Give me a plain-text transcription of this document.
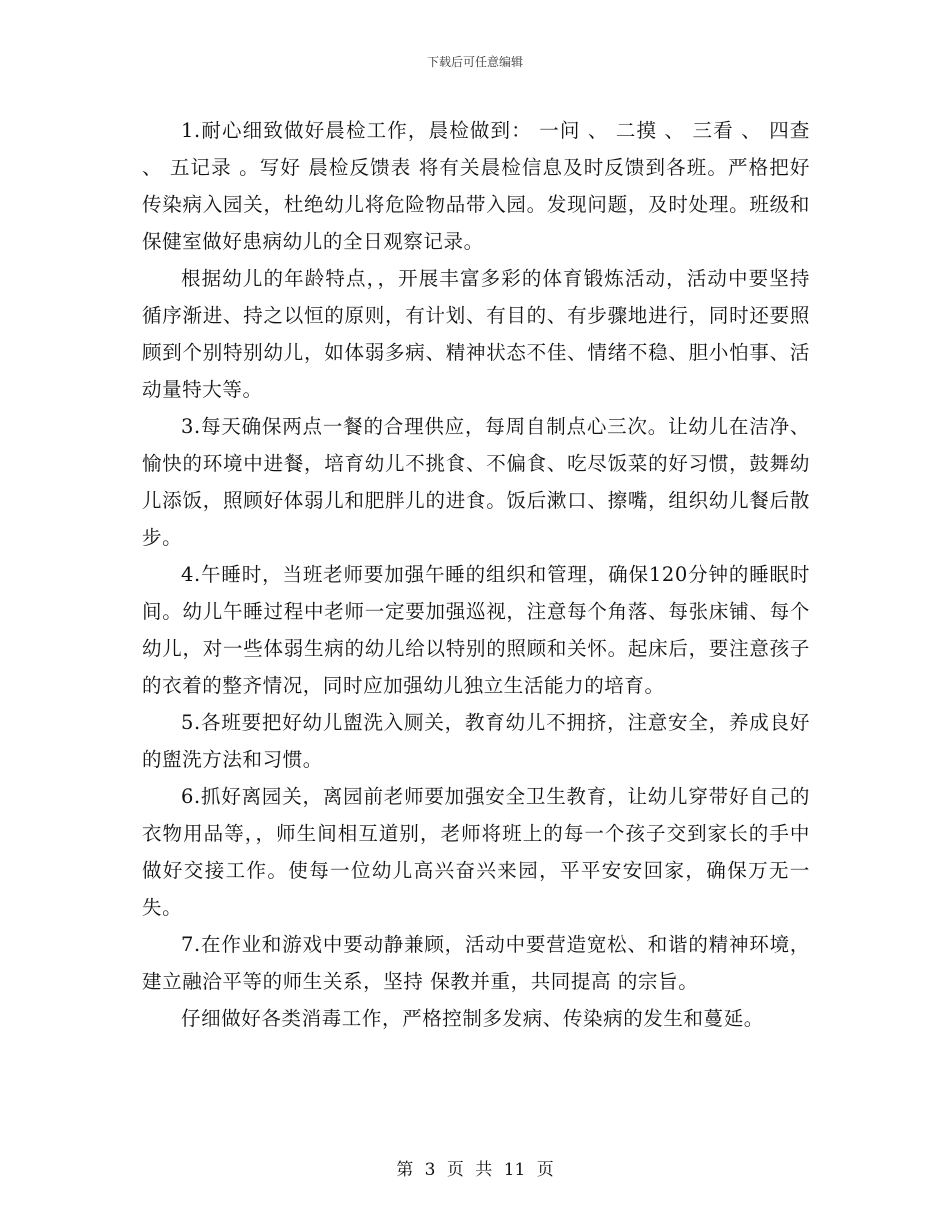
下载后可任意编辑

1.耐心细致做好晨检工作，晨检做到： 一问 、 二摸 、 三看 、 四查 、 五记录 。写好 晨检反馈表 将有关晨检信息及时反馈到各班。严格把好传染病入园关，杜绝幼儿将危险物品带入园。发现问题，及时处理。班级和保健室做好患病幼儿的全日观察记录。

根据幼儿的年龄特点，，开展丰富多彩的体育锻炼活动，活动中要坚持循序渐进、持之以恒的原则，有计划、有目的、有步骤地进行，同时还要照顾到个别特别幼儿，如体弱多病、精神状态不佳、情绪不稳、胆小怕事、活动量特大等。

3.每天确保两点一餐的合理供应，每周自制点心三次。让幼儿在洁净、愉快的环境中进餐，培育幼儿不挑食、不偏食、吃尽饭菜的好习惯，鼓舞幼儿添饭，照顾好体弱儿和肥胖儿的进食。饭后漱口、擦嘴，组织幼儿餐后散步。

4.午睡时，当班老师要加强午睡的组织和管理，确保120分钟的睡眠时间。幼儿午睡过程中老师一定要加强巡视，注意每个角落、每张床铺、每个幼儿，对一些体弱生病的幼儿给以特别的照顾和关怀。起床后，要注意孩子的衣着的整齐情况，同时应加强幼儿独立生活能力的培育。

5.各班要把好幼儿盥洗入厕关，教育幼儿不拥挤，注意安全，养成良好的盥洗方法和习惯。

6.抓好离园关，离园前老师要加强安全卫生教育，让幼儿穿带好自己的衣物用品等，，师生间相互道别，老师将班上的每一个孩子交到家长的手中做好交接工作。使每一位幼儿高兴奋兴来园，平平安安回家，确保万无一失。

7.在作业和游戏中要动静兼顾，活动中要营造宽松、和谐的精神环境，建立融洽平等的师生关系，坚持 保教并重，共同提高 的宗旨。

仔细做好各类消毒工作，严格控制多发病、传染病的发生和蔓延。

第 3 页 共 11 页
